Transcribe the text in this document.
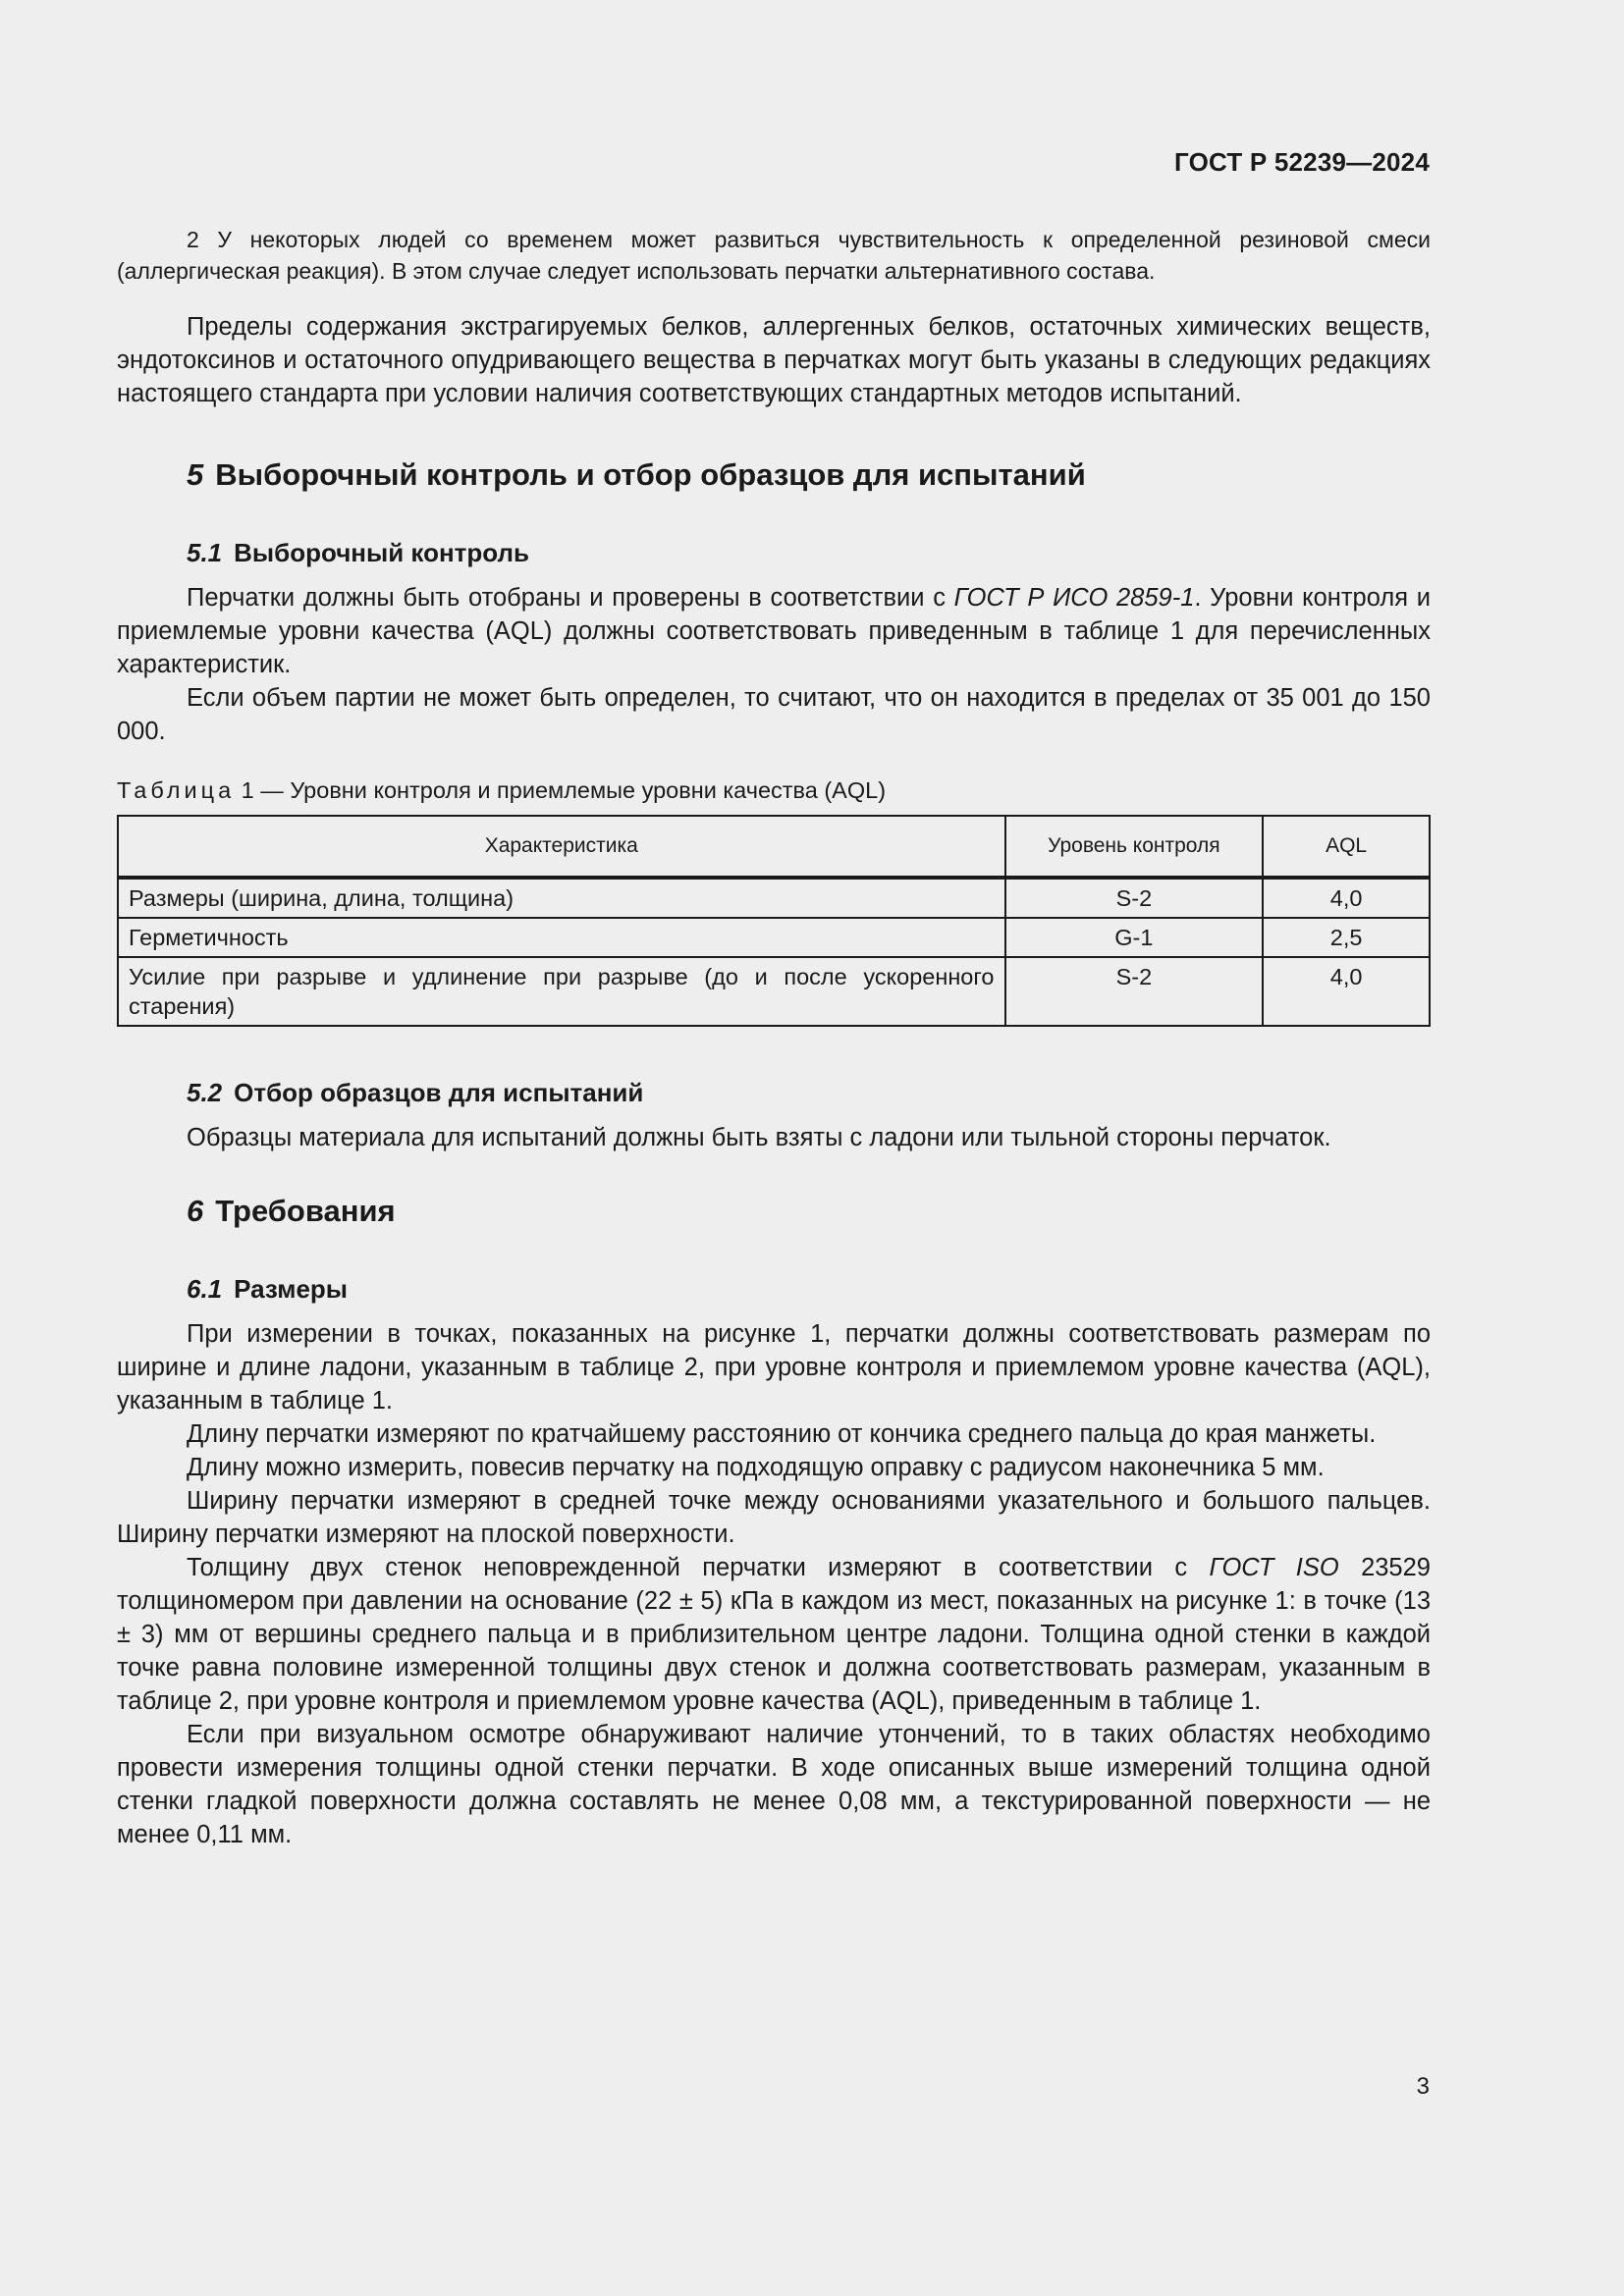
ГОСТ Р 52239—2024

2 У некоторых людей со временем может развиться чувствительность к определенной резиновой смеси (аллергическая реакция). В этом случае следует использовать перчатки альтернативного состава.

Пределы содержания экстрагируемых белков, аллергенных белков, остаточных химических веществ, эндотоксинов и остаточного опудривающего вещества в перчатках могут быть указаны в следующих редакциях настоящего стандарта при условии наличия соответствующих стандартных методов испытаний.

5 Выборочный контроль и отбор образцов для испытаний
5.1 Выборочный контроль

Перчатки должны быть отобраны и проверены в соответствии с ГОСТ Р ИСО 2859-1. Уровни контроля и приемлемые уровни качества (AQL) должны соответствовать приведенным в таблице 1 для перечисленных характеристик.

Если объем партии не может быть определен, то считают, что он находится в пределах от 35 001 до 150 000.

Таблица 1 — Уровни контроля и приемлемые уровни качества (AQL)
Характеристика	Уровень контроля	AQL
Размеры (ширина, длина, толщина)	S-2	4,0
Герметичность	G-1	2,5
Усилие при разрыве и удлинение при разрыве (до и после ускоренного старения)	S-2	4,0
5.2 Отбор образцов для испытаний

Образцы материала для испытаний должны быть взяты с ладони или тыльной стороны перчаток.

6 Требования
6.1 Размеры

При измерении в точках, показанных на рисунке 1, перчатки должны соответствовать размерам по ширине и длине ладони, указанным в таблице 2, при уровне контроля и приемлемом уровне качества (AQL), указанным в таблице 1.

Длину перчатки измеряют по кратчайшему расстоянию от кончика среднего пальца до края манжеты.

Длину можно измерить, повесив перчатку на подходящую оправку с радиусом наконечника 5 мм.

Ширину перчатки измеряют в средней точке между основаниями указательного и большого пальцев. Ширину перчатки измеряют на плоской поверхности.

Толщину двух стенок неповрежденной перчатки измеряют в соответствии с ГОСТ ISO 23529 толщиномером при давлении на основание (22 ± 5) кПа в каждом из мест, показанных на рисунке 1: в точке (13 ± 3) мм от вершины среднего пальца и в приблизительном центре ладони. Толщина одной стенки в каждой точке равна половине измеренной толщины двух стенок и должна соответствовать размерам, указанным в таблице 2, при уровне контроля и приемлемом уровне качества (AQL), приведенным в таблице 1.

Если при визуальном осмотре обнаруживают наличие утончений, то в таких областях необходимо провести измерения толщины одной стенки перчатки. В ходе описанных выше измерений толщина одной стенки гладкой поверхности должна составлять не менее 0,08 мм, а текстурированной поверхности — не менее 0,11 мм.

3
